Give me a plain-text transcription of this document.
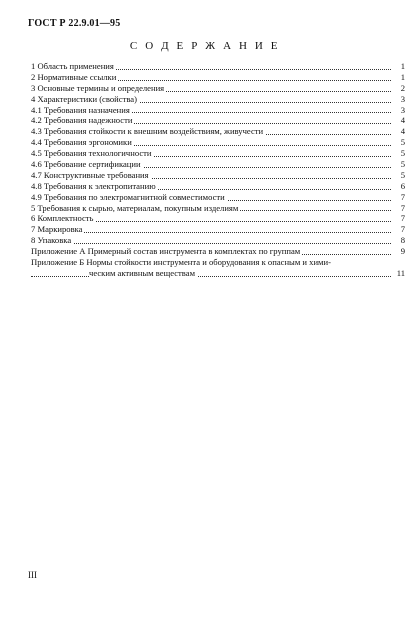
ГОСТ Р 22.9.01—95
С О Д Е Р Ж А Н И Е
1 Область применения	1
2 Нормативные ссылки	1
3 Основные термины и определения	2
4 Характеристики (свойства)	3
4.1 Требования назначения	3
4.2 Требования надежности	4
4.3 Требования стойкости к внешним воздействиям, живучести	4
4.4 Требования эргономики	5
4.5 Требования технологичности	5
4.6 Требование сертификации	5
4.7 Конструктивные требования	5
4.8 Требования к электропитанию	6
4.9 Требования по электромагнитной совместимости	7
5 Требования к сырью, материалам, покупным изделиям	7
6 Комплектность	7
7 Маркировка	7
8 Упаковка	8
Приложение А Примерный состав инструмента в комплектах по группам	9
Приложение Б Нормы стойкости инструмента и оборудования к опасным и хими-
ческим активным веществам	11
III
